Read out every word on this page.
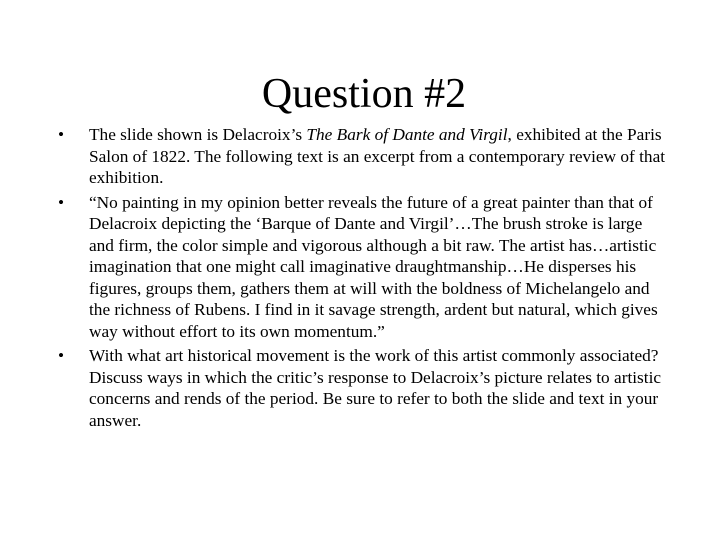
Question #2
• The slide shown is Delacroix’s The Bark of Dante and Virgil, exhibited at the Paris Salon of 1822. The following text is an excerpt from a contemporary review of that exhibition.
• “No painting in my opinion better reveals the future of a great painter than that of Delacroix depicting the ‘Barque of Dante and Virgil’…The brush stroke is large and firm, the color simple and vigorous although a bit raw. The artist has…artistic imagination that one might call imaginative draughtmanship…He disperses his figures, groups them, gathers them at will with the boldness of Michelangelo and the richness of Rubens. I find in it savage strength, ardent but natural, which gives way without effort to its own momentum.”
• With what art historical movement is the work of this artist commonly associated? Discuss ways in which the critic’s response to Delacroix’s picture relates to artistic concerns and rends of the period. Be sure to refer to both the slide and text in your answer.
